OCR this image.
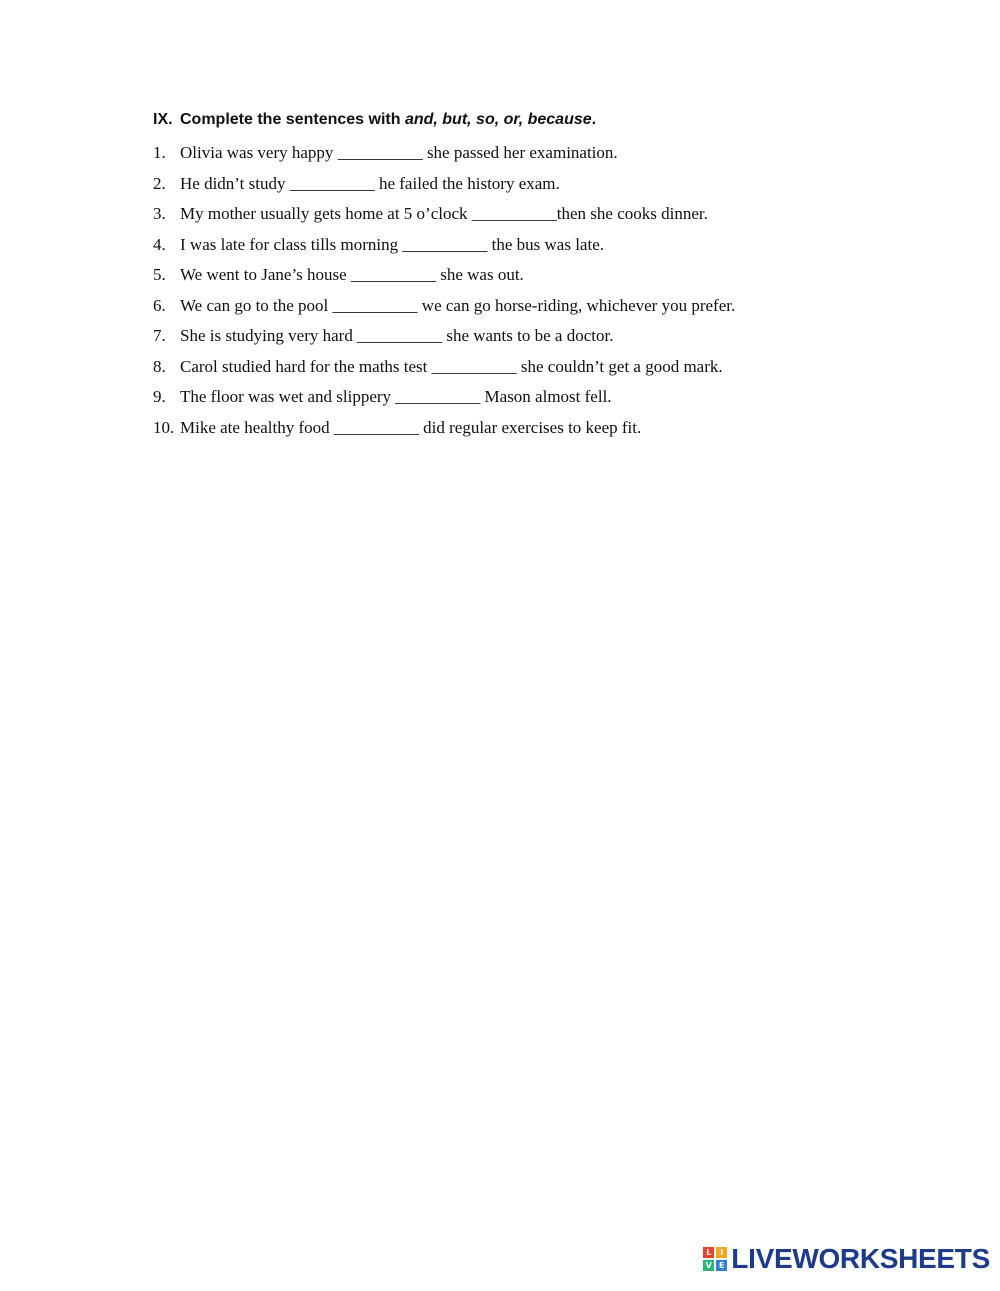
IX. Complete the sentences with and, but, so, or, because.
1. Olivia was very happy __________ she passed her examination.
2. He didn’t study __________ he failed the history exam.
3. My mother usually gets home at 5 o’clock __________then she cooks dinner.
4. I was late for class tills morning __________ the bus was late.
5. We went to Jane’s house __________ she was out.
6. We can go to the pool __________ we can go horse-riding, whichever you prefer.
7. She is studying very hard __________ she wants to be a doctor.
8. Carol studied hard for the maths test __________ she couldn’t get a good mark.
9. The floor was wet and slippery __________ Mason almost fell.
10. Mike ate healthy food __________ did regular exercises to keep fit.
L	I
V E LIVEWORKSHEETS
